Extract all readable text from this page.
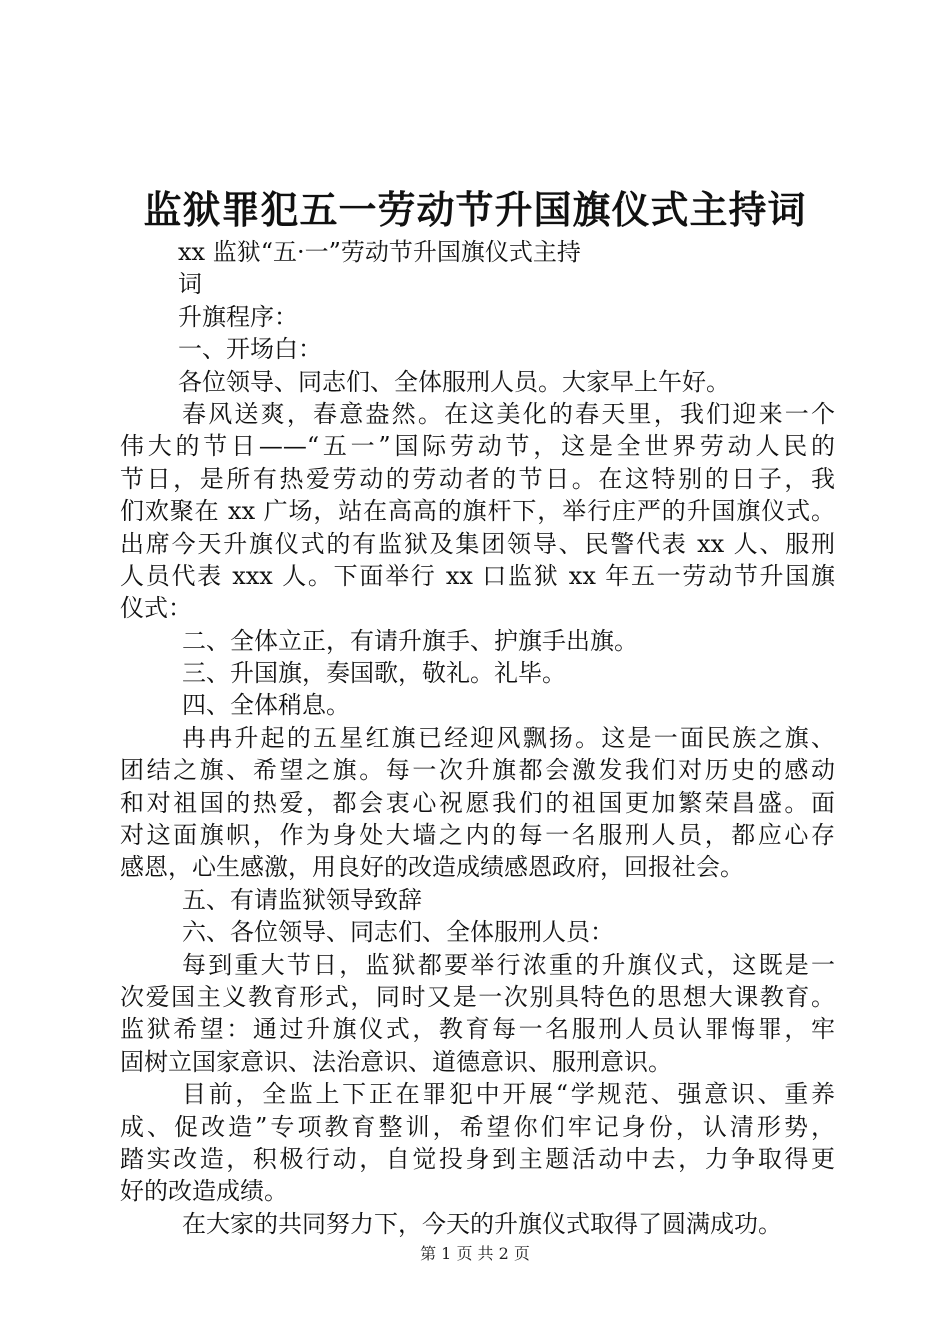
监狱罪犯五一劳动节升国旗仪式主持词
xx 监狱“五·一”劳动节升国旗仪式主持
词
升旗程序：
一、开场白：
各位领导、同志们、全体服刑人员。大家早上午好。
春风送爽，春意盎然。在这美化的春天里，我们迎来一个
伟大的节日——“五一”国际劳动节，这是全世界劳动人民的
节日，是所有热爱劳动的劳动者的节日。在这特别的日子，我
们欢聚在 xx 广场，站在高高的旗杆下，举行庄严的升国旗仪式。
出席今天升旗仪式的有监狱及集团领导、民警代表 xx 人、服刑
人员代表 xxx 人。下面举行 xx 口监狱 xx 年五一劳动节升国旗
仪式：
二、全体立正，有请升旗手、护旗手出旗。
三、升国旗，奏国歌，敬礼。礼毕。
四、全体稍息。
冉冉升起的五星红旗已经迎风飘扬。这是一面民族之旗、
团结之旗、希望之旗。每一次升旗都会激发我们对历史的感动
和对祖国的热爱，都会衷心祝愿我们的祖国更加繁荣昌盛。面
对这面旗帜，作为身处大墙之内的每一名服刑人员，都应心存
感恩，心生感激，用良好的改造成绩感恩政府，回报社会。
五、有请监狱领导致辞
六、各位领导、同志们、全体服刑人员：
每到重大节日，监狱都要举行浓重的升旗仪式，这既是一
次爱国主义教育形式，同时又是一次别具特色的思想大课教育。
监狱希望：通过升旗仪式，教育每一名服刑人员认罪悔罪，牢
固树立国家意识、法治意识、道德意识、服刑意识。
目前，全监上下正在罪犯中开展“学规范、强意识、重养
成、促改造”专项教育整训，希望你们牢记身份，认清形势，
踏实改造，积极行动，自觉投身到主题活动中去，力争取得更
好的改造成绩。
在大家的共同努力下，今天的升旗仪式取得了圆满成功。
第 1 页 共 2 页
